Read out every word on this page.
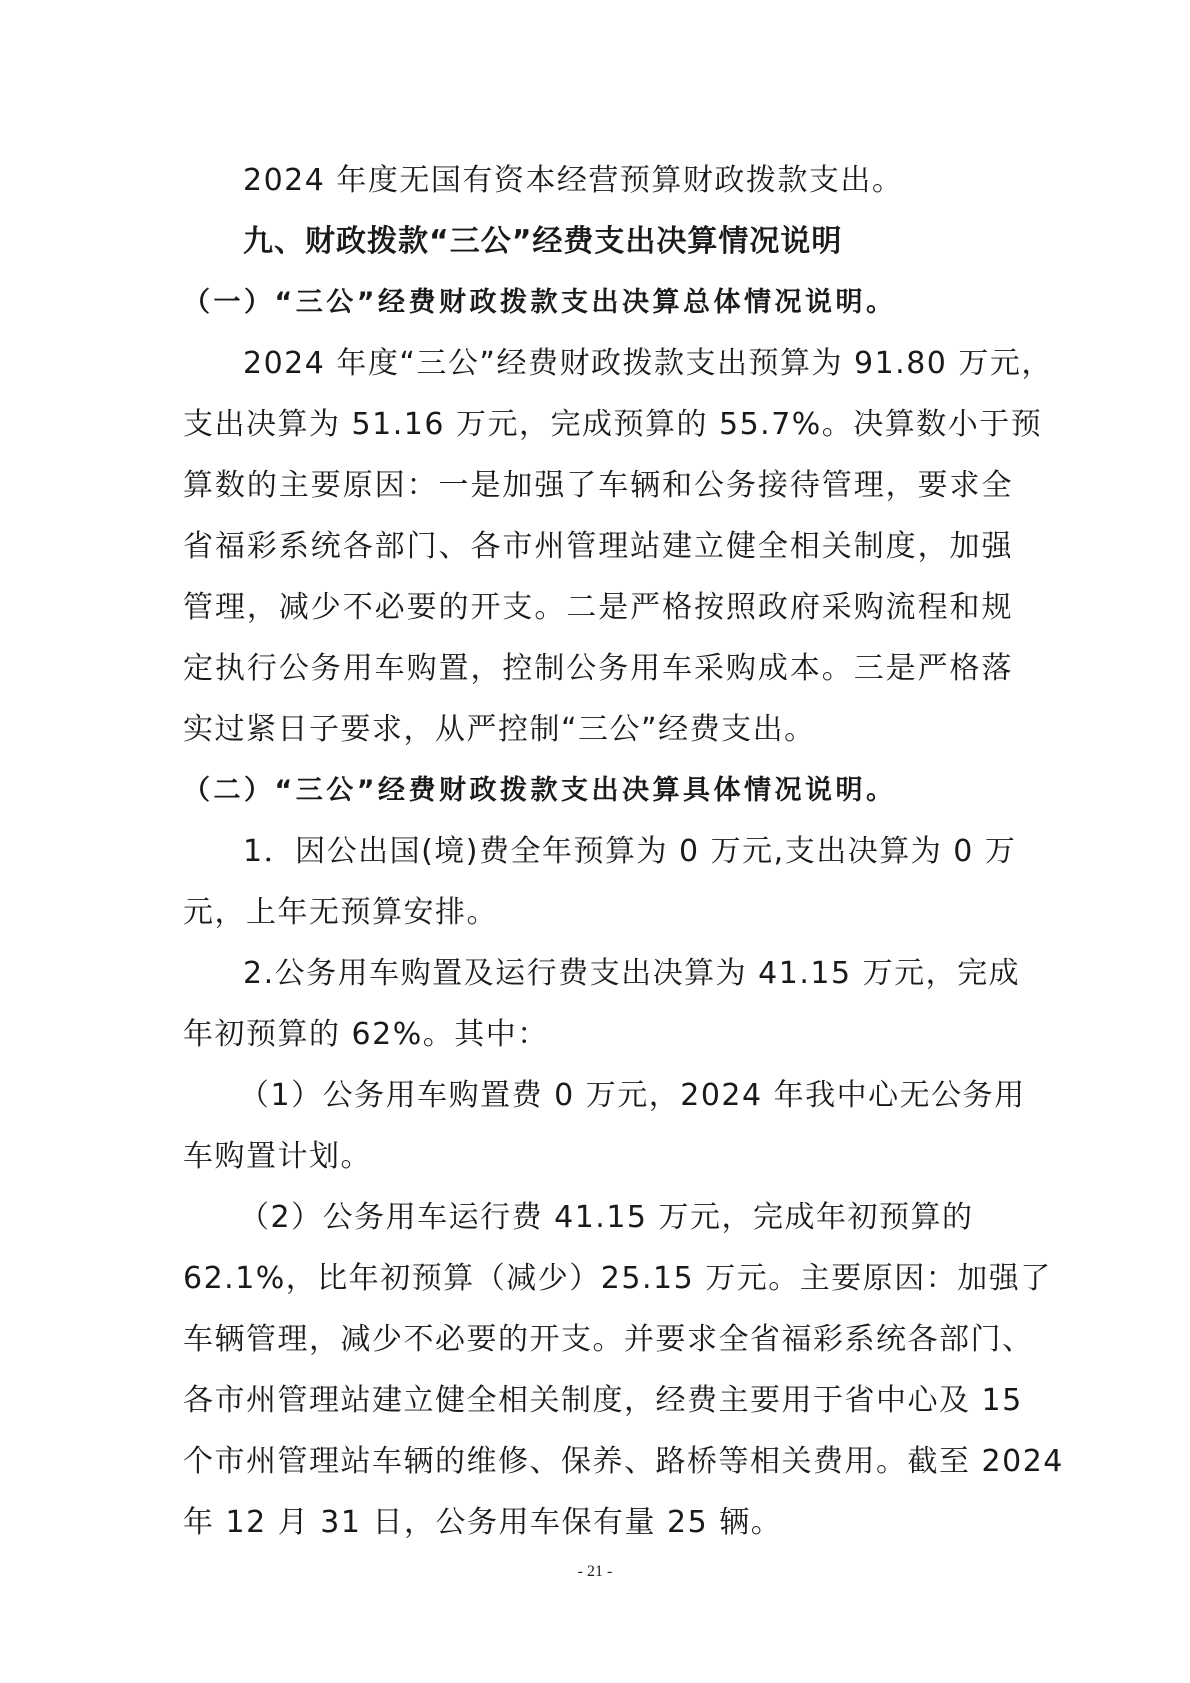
2024 年度无国有资本经营预算财政拨款支出。
九、财政拨款“三公”经费支出决算情况说明
（一）“三公”经费财政拨款支出决算总体情况说明。
2024 年度“三公”经费财政拨款支出预算为 91.80 万元，
支出决算为 51.16 万元，完成预算的 55.7%。决算数小于预
算数的主要原因：一是加强了车辆和公务接待管理，要求全
省福彩系统各部门、各市州管理站建立健全相关制度，加强
管理，减少不必要的开支。二是严格按照政府采购流程和规
定执行公务用车购置，控制公务用车采购成本。三是严格落
实过紧日子要求，从严控制“三公”经费支出。
（二）“三公”经费财政拨款支出决算具体情况说明。
1．因公出国(境)费全年预算为 0 万元,支出决算为 0 万
元，上年无预算安排。
2.公务用车购置及运行费支出决算为 41.15 万元，完成
年初预算的 62%。其中：
（1）公务用车购置费 0 万元，2024 年我中心无公务用
车购置计划。
（2）公务用车运行费 41.15 万元，完成年初预算的
62.1%，比年初预算（减少）25.15 万元。主要原因：加强了
车辆管理，减少不必要的开支。并要求全省福彩系统各部门、
各市州管理站建立健全相关制度，经费主要用于省中心及 15
个市州管理站车辆的维修、保养、路桥等相关费用。截至 2024
年 12 月 31 日，公务用车保有量 25 辆。
- 21 -
